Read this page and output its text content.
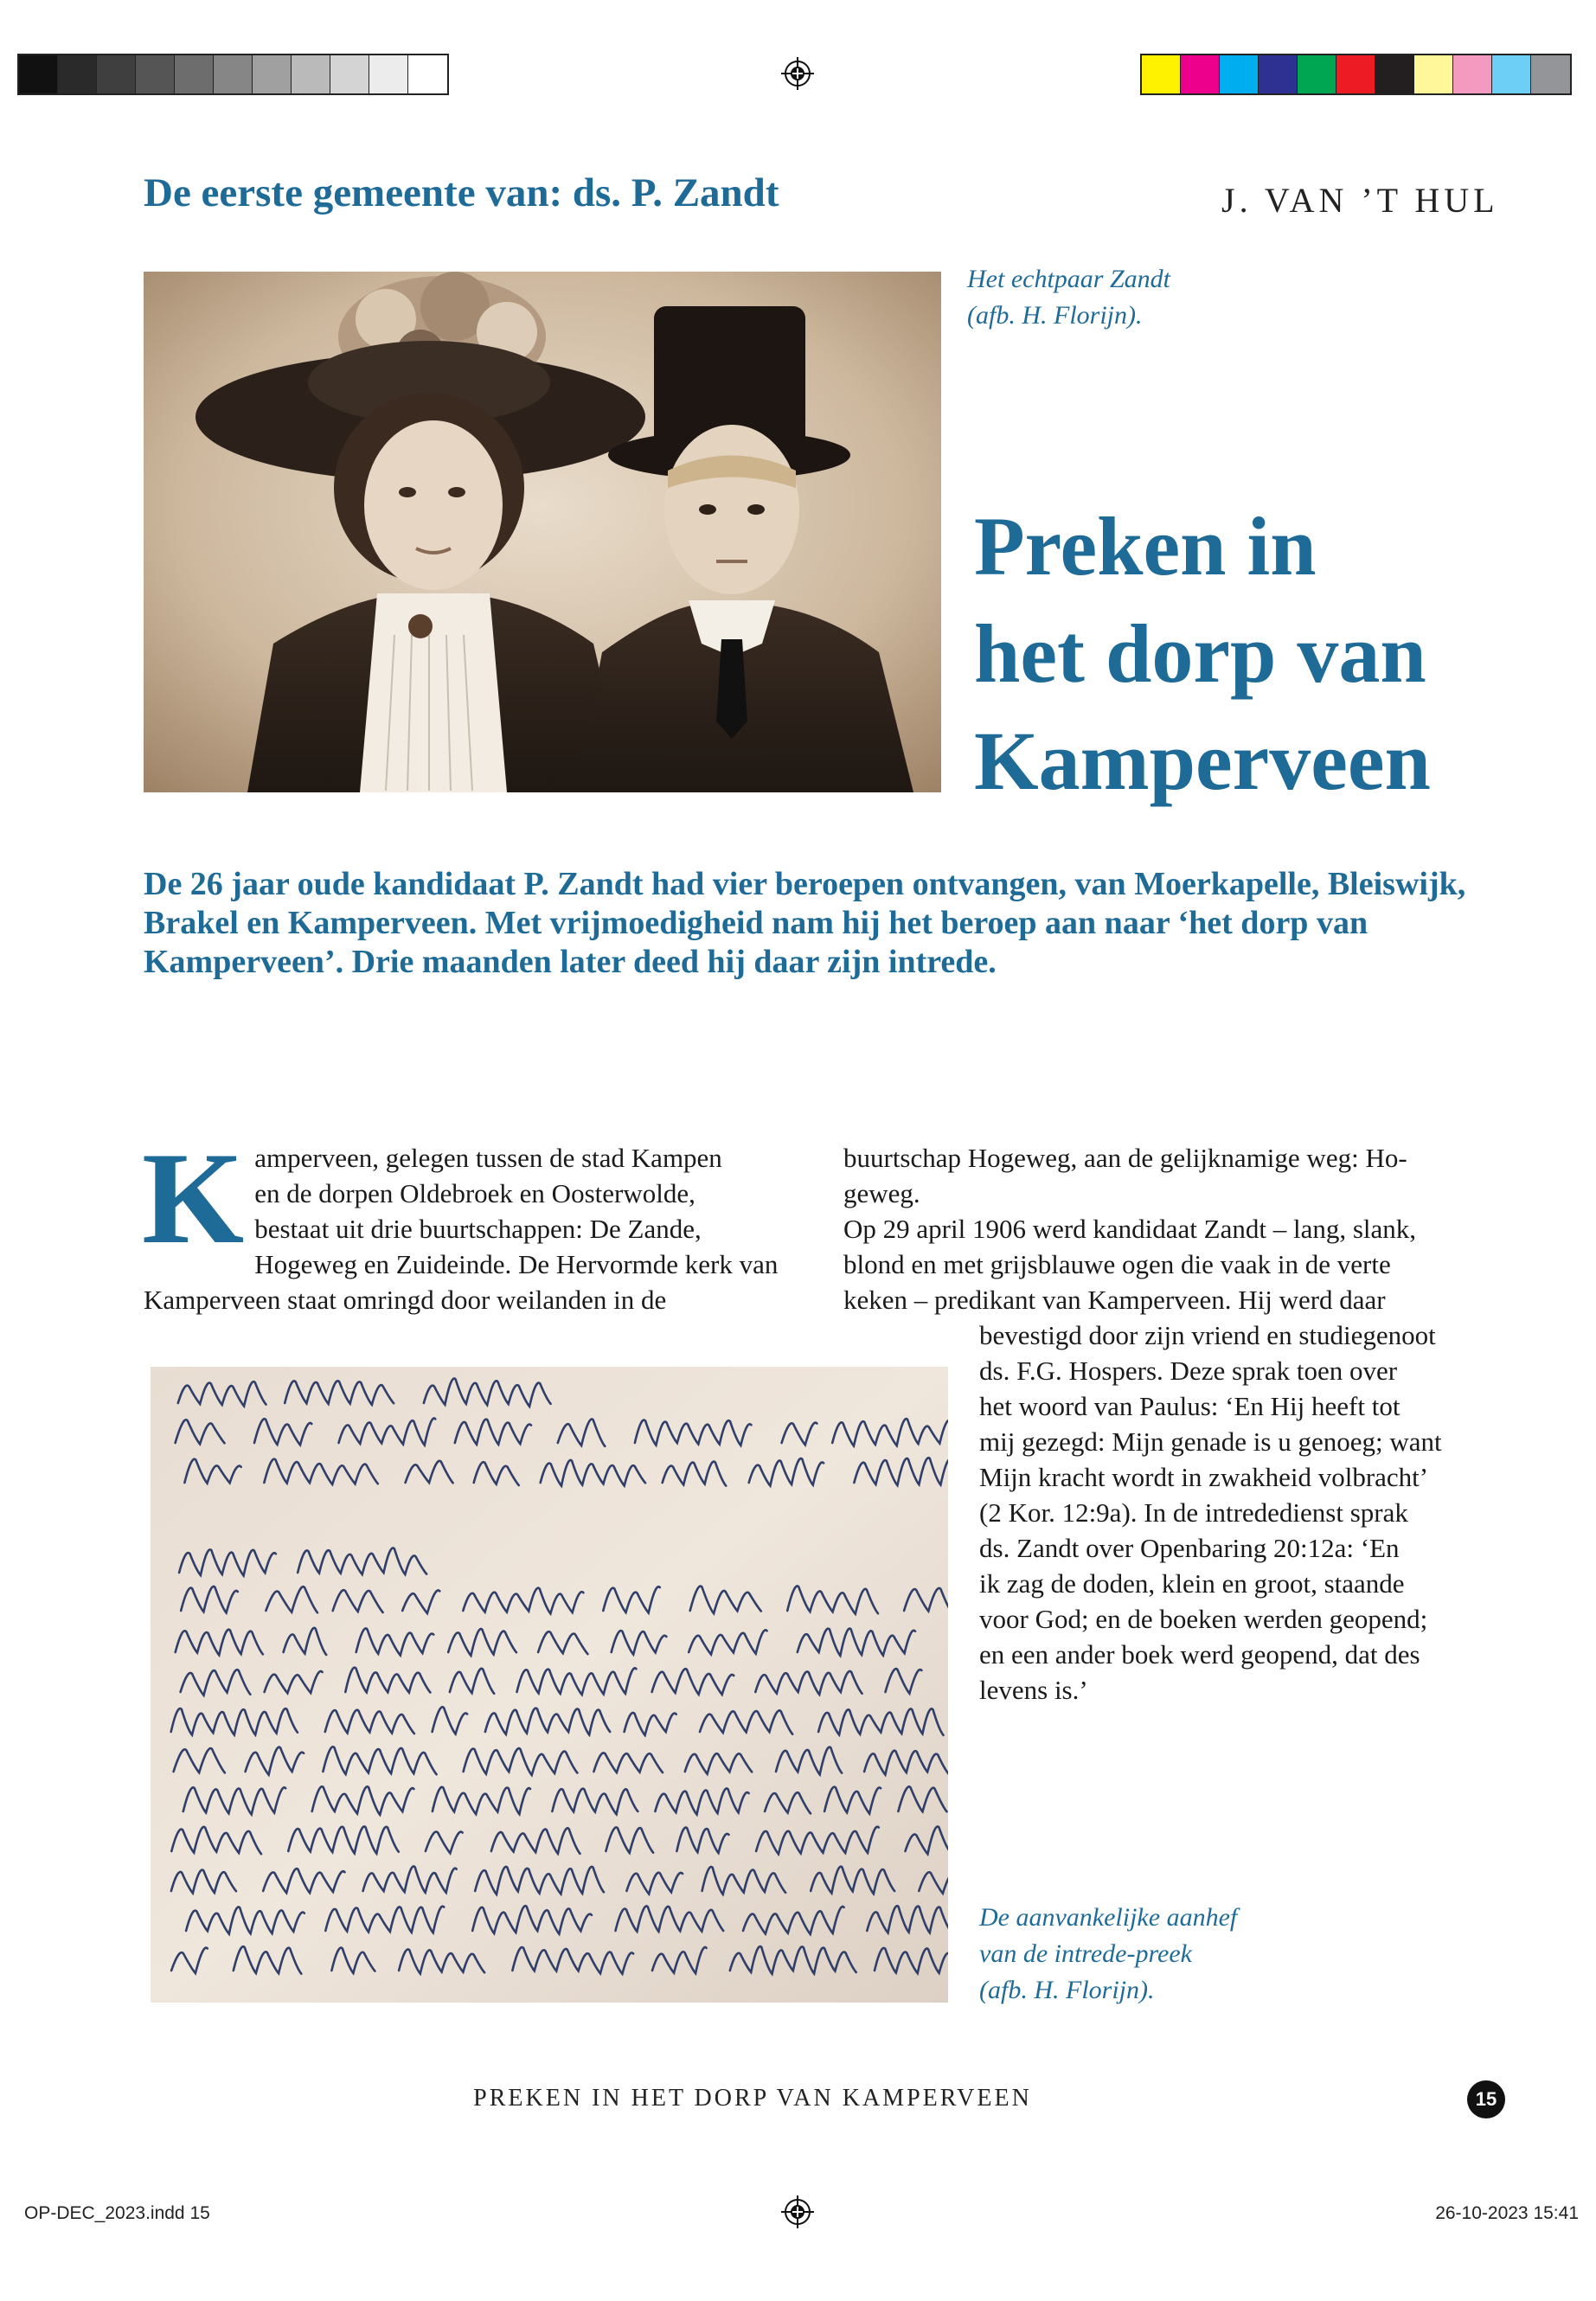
De eerste gemeente van: ds. P. Zandt	J. VAN ’T HUL
Het echtpaar Zandt
(afb. H. Florijn).
Preken in
het dorp van
Kamperveen
De 26 jaar oude kandidaat P. Zandt had vier beroepen ontvangen, van Moerkapelle, Bleiswijk, Brakel en Kamperveen. Met vrijmoedigheid nam hij het beroep aan naar ‘het dorp van Kamperveen’. Drie maanden later deed hij daar zijn intrede.
K amperveen, gelegen tussen de stad Kampen
en de dorpen Oldebroek en Oosterwolde,
bestaat uit drie buurtschappen: De Zande,
Hogeweg en Zuideinde. De Hervormde kerk van
Kamperveen staat omringd door weilanden in de
buurtschap Hogeweg, aan de gelijknamige weg: Ho-
geweg.
Op 29 april 1906 werd kandidaat Zandt – lang, slank,
blond en met grijsblauwe ogen die vaak in de verte
keken – predikant van Kamperveen. Hij werd daar
bevestigd door zijn vriend en studiegenoot
ds. F.G. Hospers. Deze sprak toen over
het woord van Paulus: ‘En Hij heeft tot
mij gezegd: Mijn genade is u genoeg; want
Mijn kracht wordt in zwakheid volbracht’
(2 Kor. 12:9a). In de intrededienst sprak
ds. Zandt over Openbaring 20:12a: ‘En
ik zag de doden, klein en groot, staande
voor God; en de boeken werden geopend;
en een ander boek werd geopend, dat des
levens is.’
De aanvankelijke aanhef
van de intrede-preek
(afb. H. Florijn).
PREKEN IN HET DORP VAN KAMPERVEEN	15
OP-DEC_2023.indd 15	26-10-2023 15:41
